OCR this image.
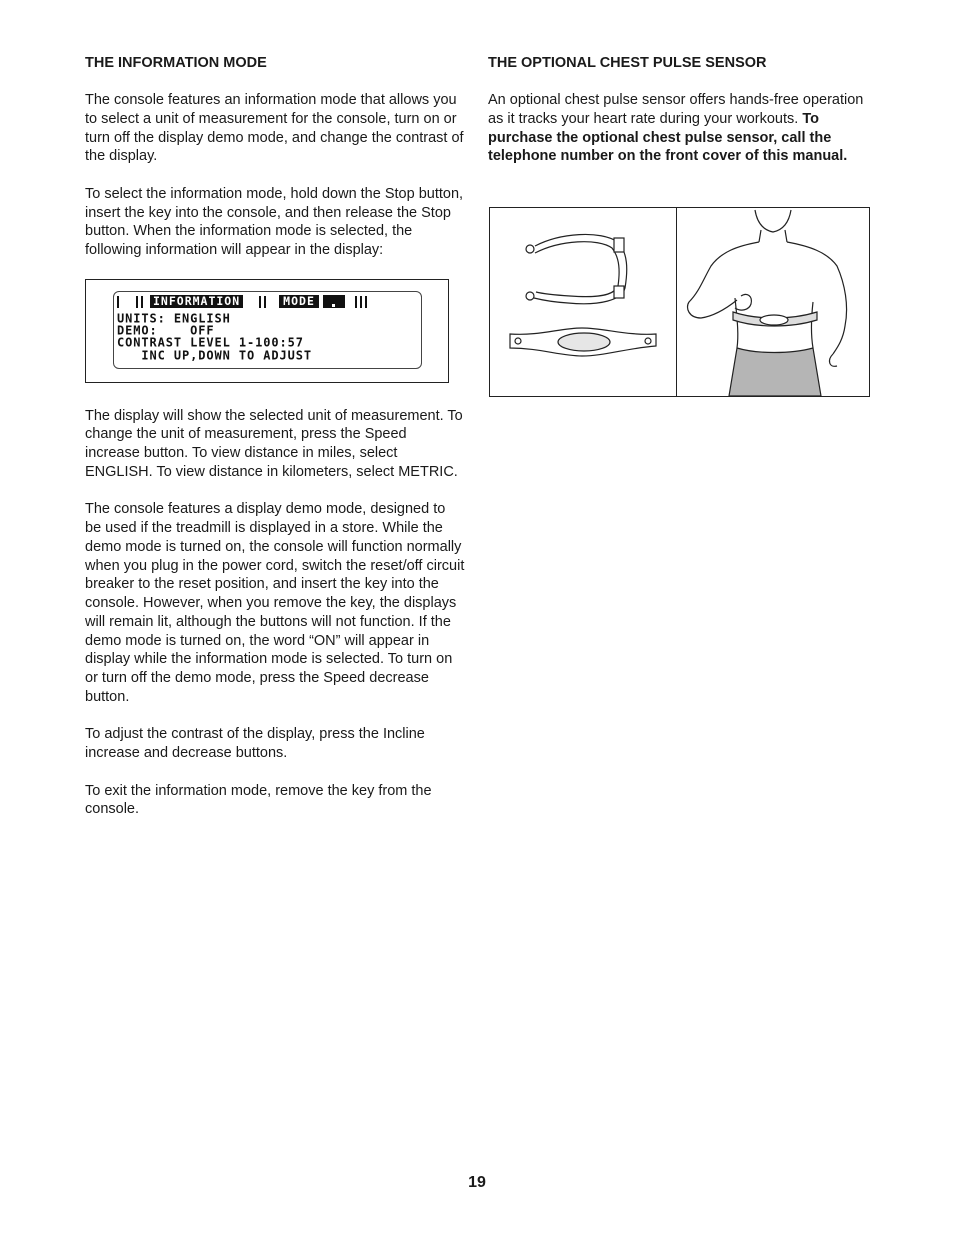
THE INFORMATION MODE

The console features an information mode that allows you to select a unit of measurement for the console, turn on or turn off the display demo mode, and change the contrast of the display.

To select the information mode, hold down the Stop button, insert the key into the console, and then release the Stop button. When the information mode is selected, the following information will appear in the display:

INFORMATION	MODE
UNITS: ENGLISH
DEMO:    OFF
CONTRAST LEVEL 1-100:57
INC UP,DOWN TO ADJUST

The display will show the selected unit of measurement. To change the unit of measurement, press the Speed increase button. To view distance in miles, select ENGLISH. To view distance in kilometers, select METRIC.

The console features a display demo mode, designed to be used if the treadmill is displayed in a store. While the demo mode is turned on, the console will function normally when you plug in the power cord, switch the reset/off circuit breaker to the reset position, and insert the key into the console. However, when you remove the key, the displays will remain lit, although the buttons will not function. If the demo mode is turned on, the word “ON” will appear in display while the information mode is selected. To turn on or turn off the demo mode, press the Speed decrease button.

To adjust the contrast of the display, press the Incline increase and decrease buttons.

To exit the information mode, remove the key from the console.

THE OPTIONAL CHEST PULSE SENSOR

An optional chest pulse sensor offers hands-free operation as it tracks your heart rate during your workouts. To purchase the optional chest pulse sensor, call the telephone number on the front cover of this manual.

19
